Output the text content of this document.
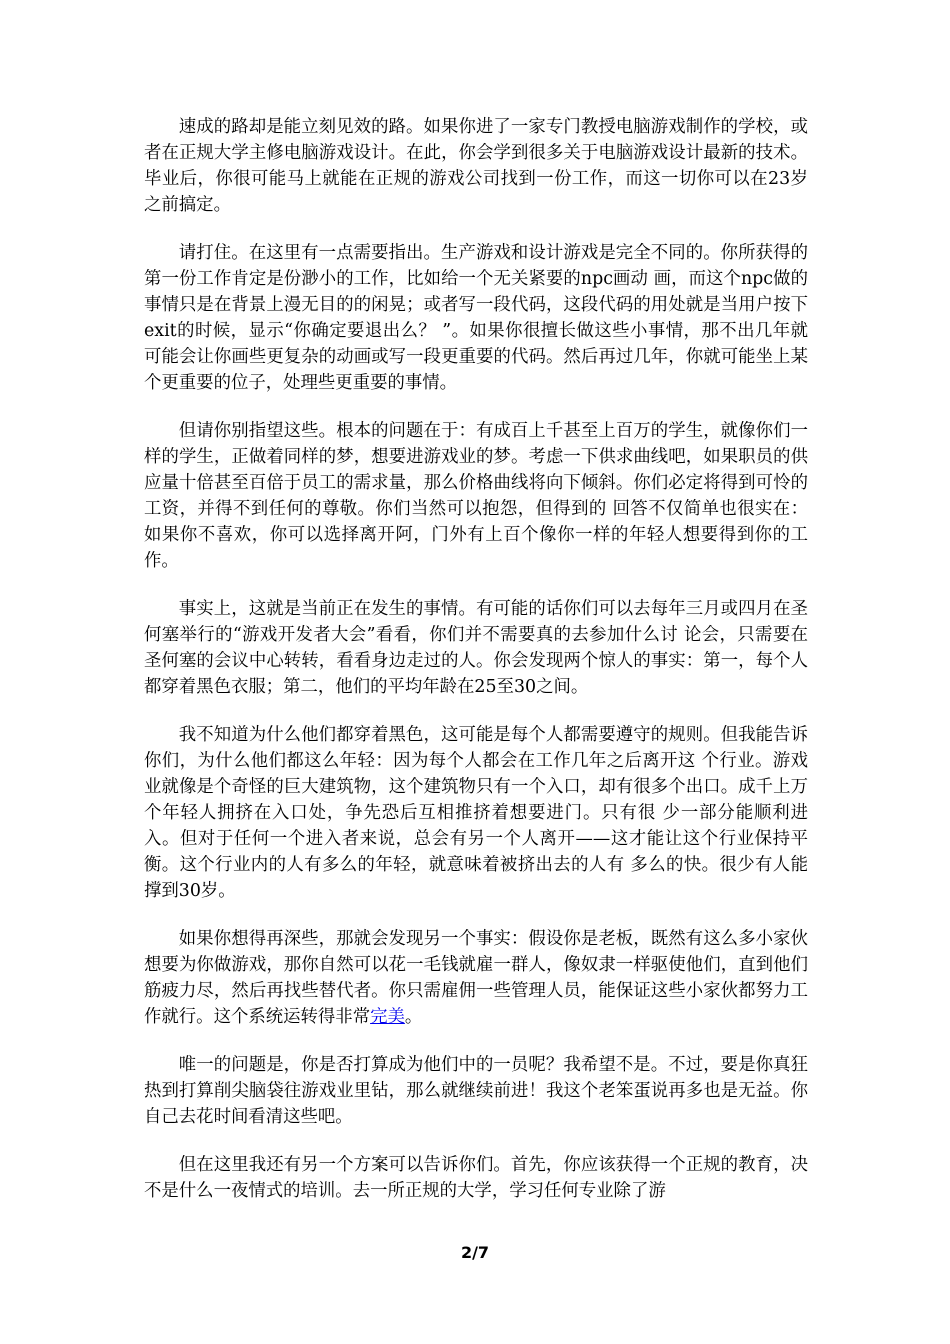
速成的路却是能立刻见效的路。如果你进了一家专门教授电脑游戏制作的学校，或者在正规大学主修电脑游戏设计。在此，你会学到很多关于电脑游戏设计最新的技术。毕业后，你很可能马上就能在正规的游戏公司找到一份工作，而这一切你可以在23岁之前搞定。

请打住。在这里有一点需要指出。生产游戏和设计游戏是完全不同的。你所获得的第一份工作肯定是份渺小的工作，比如给一个无关紧要的npc画动 画，而这个npc做的事情只是在背景上漫无目的的闲晃；或者写一段代码，这段代码的用处就是当用户按下exit的时候，显示“你确定要退出么？ ”。如果你很擅长做这些小事情，那不出几年就可能会让你画些更复杂的动画或写一段更重要的代码。然后再过几年，你就可能坐上某个更重要的位子，处理些更重要的事情。

但请你别指望这些。根本的问题在于：有成百上千甚至上百万的学生，就像你们一样的学生，正做着同样的梦，想要进游戏业的梦。考虑一下供求曲线吧，如果职员的供应量十倍甚至百倍于员工的需求量，那么价格曲线将向下倾斜。你们必定将得到可怜的工资，并得不到任何的尊敬。你们当然可以抱怨，但得到的 回答不仅简单也很实在：如果你不喜欢，你可以选择离开阿，门外有上百个像你一样的年轻人想要得到你的工作。

事实上，这就是当前正在发生的事情。有可能的话你们可以去每年三月或四月在圣何塞举行的“游戏开发者大会”看看，你们并不需要真的去参加什么讨 论会，只需要在圣何塞的会议中心转转，看看身边走过的人。你会发现两个惊人的事实：第一，每个人都穿着黑色衣服；第二，他们的平均年龄在25至30之间。

我不知道为什么他们都穿着黑色，这可能是每个人都需要遵守的规则。但我能告诉你们，为什么他们都这么年轻：因为每个人都会在工作几年之后离开这 个行业。游戏业就像是个奇怪的巨大建筑物，这个建筑物只有一个入口，却有很多个出口。成千上万个年轻人拥挤在入口处，争先恐后互相推挤着想要进门。只有很 少一部分能顺利进入。但对于任何一个进入者来说，总会有另一个人离开——这才能让这个行业保持平衡。这个行业内的人有多么的年轻，就意味着被挤出去的人有 多么的快。很少有人能撑到30岁。

如果你想得再深些，那就会发现另一个事实：假设你是老板，既然有这么多小家伙想要为你做游戏，那你自然可以花一毛钱就雇一群人，像奴隶一样驱使他们，直到他们筋疲力尽，然后再找些替代者。你只需雇佣一些管理人员，能保证这些小家伙都努力工作就行。这个系统运转得非常完美。

唯一的问题是，你是否打算成为他们中的一员呢？我希望不是。不过，要是你真狂热到打算削尖脑袋往游戏业里钻，那么就继续前进！我这个老笨蛋说再多也是无益。你自己去花时间看清这些吧。

但在这里我还有另一个方案可以告诉你们。首先，你应该获得一个正规的教育，决不是什么一夜情式的培训。去一所正规的大学，学习任何专业除了游

2/7
